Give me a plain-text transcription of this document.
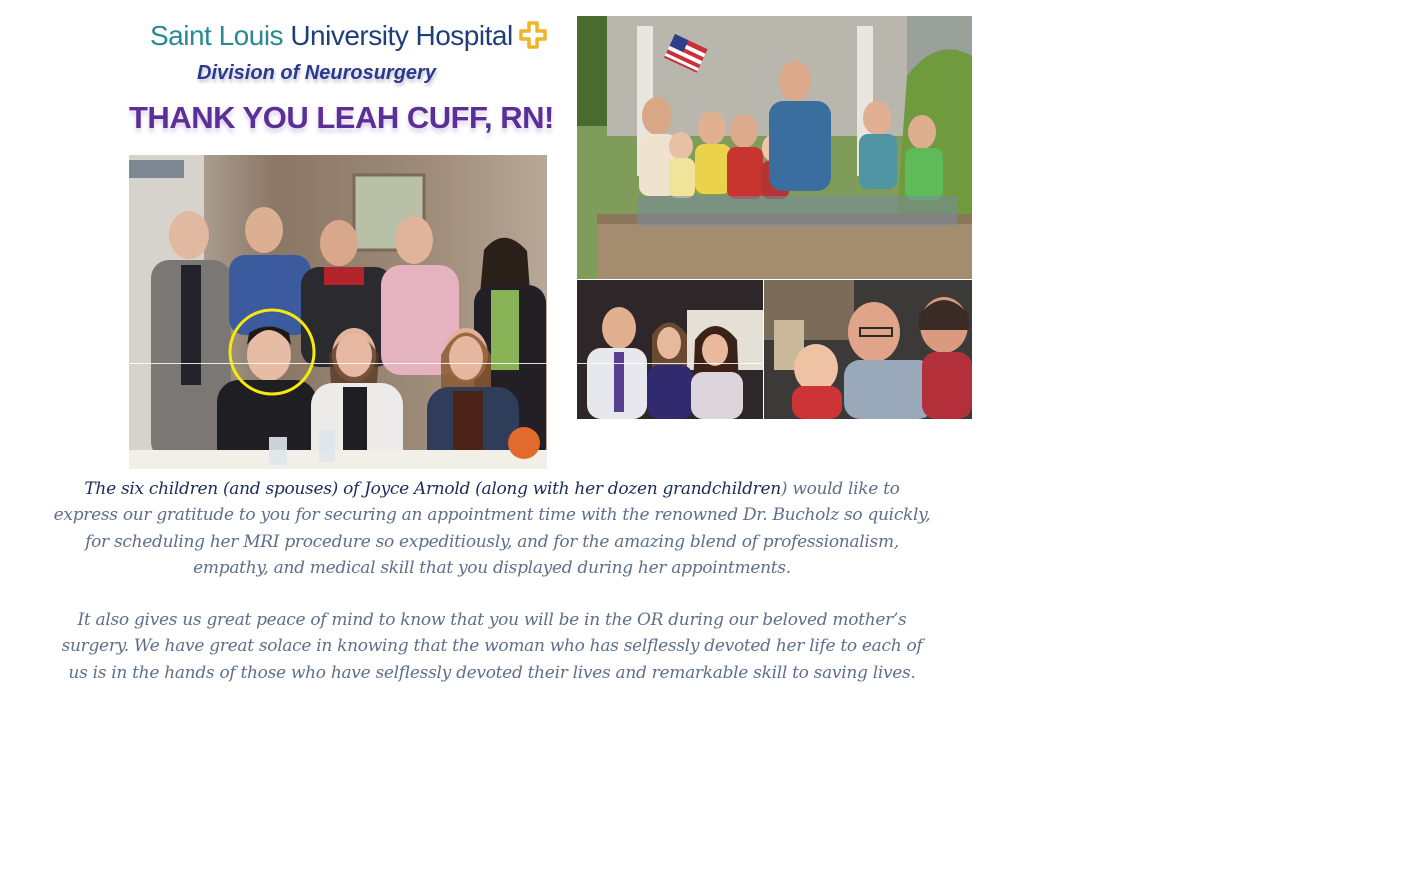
Saint Louis University Hospital
Division of Neurosurgery
THANK YOU LEAH CUFF, RN!
The six children (and spouses) of Joyce Arnold (along with her dozen grandchildren) would like to express our gratitude to you for securing an appointment time with the renowned Dr. Bucholz so quickly, for scheduling her MRI procedure so expeditiously, and for the amazing blend of professionalism, empathy, and medical skill that you displayed during her appointments.
It also gives us great peace of mind to know that you will be in the OR during our beloved mother’s surgery. We have great solace in knowing that the woman who has selflessly devoted her life to each of us is in the hands of those who have selflessly devoted their lives and remarkable skill to saving lives.
